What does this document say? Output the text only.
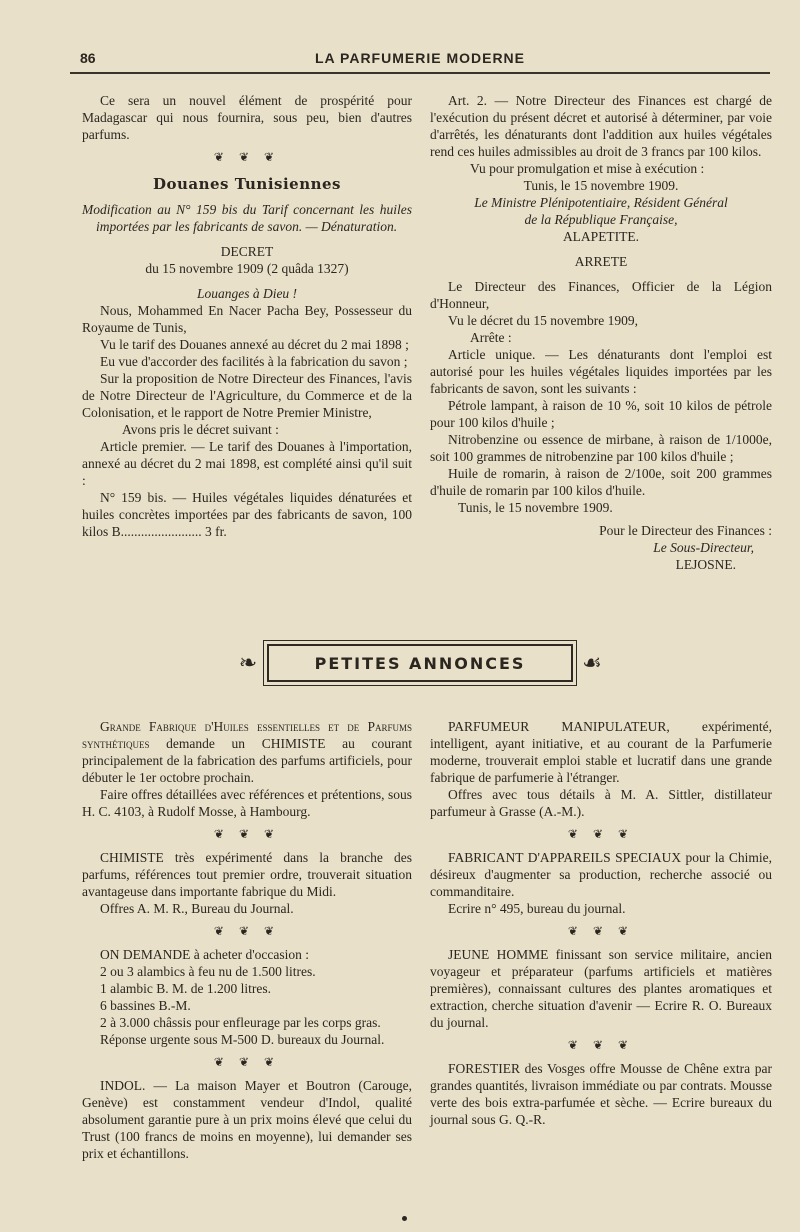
86	LA PARFUMERIE MODERNE

Ce sera un nouvel élément de prospérité pour Madagascar qui nous fournira, sous peu, bien d'autres parfums.

❦ ❦ ❦

Douanes Tunisiennes

Modification au N° 159 bis du Tarif concernant les huiles importées par les fabricants de savon. — Dénaturation.

DECRET

du 15 novembre 1909 (2 quâda 1327)

Louanges à Dieu !

Nous, Mohammed En Nacer Pacha Bey, Possesseur du Royaume de Tunis,

Vu le tarif des Douanes annexé au décret du 2 mai 1898 ;

Eu vue d'accorder des facilités à la fabrication du savon ;

Sur la proposition de Notre Directeur des Finances, l'avis de Notre Directeur de l'Agriculture, du Commerce et de la Colonisation, et le rapport de Notre Premier Ministre,

Avons pris le décret suivant :

Article premier. — Le tarif des Douanes à l'importation, annexé au décret du 2 mai 1898, est complété ainsi qu'il suit :

N° 159 bis. — Huiles végétales liquides dénaturées et huiles concrètes importées par des fabricants de savon, 100 kilos B........................ 3 fr.

Art. 2. — Notre Directeur des Finances est chargé de l'exécution du présent décret et autorisé à déterminer, par voie d'arrêtés, les dénaturants dont l'addition aux huiles végétales rend ces huiles admissibles au droit de 3 francs par 100 kilos.

Vu pour promulgation et mise à exécution :

Tunis, le 15 novembre 1909.

Le Ministre Plénipotentiaire, Résident Général

de la République Française,

ALAPETITE.

ARRETE

Le Directeur des Finances, Officier de la Légion d'Honneur,

Vu le décret du 15 novembre 1909,

Arrête :

Article unique. — Les dénaturants dont l'emploi est autorisé pour les huiles végétales liquides importées par les fabricants de savon, sont les suivants :

Pétrole lampant, à raison de 10 %, soit 10 kilos de pétrole pour 100 kilos d'huile ;

Nitrobenzine ou essence de mirbane, à raison de 1/1000e, soit 100 grammes de nitrobenzine par 100 kilos d'huile ;

Huile de romarin, à raison de 2/100e, soit 200 grammes d'huile de romarin par 100 kilos d'huile.

Tunis, le 15 novembre 1909.

Pour le Directeur des Finances :

Le Sous-Directeur,

LEJOSNE.

❧	PETITES ANNONCES	☙

Grande Fabrique d'Huiles essentielles et de Parfums synthétiques demande un CHIMISTE au courant principalement de la fabrication des parfums artificiels, pour débuter le 1er octobre prochain.

Faire offres détaillées avec références et prétentions, sous H. C. 4103, à Rudolf Mosse, à Hambourg.

❦ ❦ ❦

CHIMISTE très expérimenté dans la branche des parfums, références tout premier ordre, trouverait situation avantageuse dans importante fabrique du Midi.

Offres A. M. R., Bureau du Journal.

❦ ❦ ❦

ON DEMANDE à acheter d'occasion :

2 ou 3 alambics à feu nu de 1.500 litres.

1 alambic B. M. de 1.200 litres.

6 bassines B.-M.

2 à 3.000 châssis pour enfleurage par les corps gras.

Réponse urgente sous M-500 D. bureaux du Journal.

❦ ❦ ❦

INDOL. — La maison Mayer et Boutron (Carouge, Genève) est constamment vendeur d'Indol, qualité absolument garantie pure à un prix moins élevé que celui du Trust (100 francs de moins en moyenne), lui demander ses prix et échantillons.

PARFUMEUR MANIPULATEUR, expérimenté, intelligent, ayant initiative, et au courant de la Parfumerie moderne, trouverait emploi stable et lucratif dans une grande fabrique de parfumerie à l'étranger.

Offres avec tous détails à M. A. Sittler, distillateur parfumeur à Grasse (A.-M.).

❦ ❦ ❦

FABRICANT D'APPAREILS SPECIAUX pour la Chimie, désireux d'augmenter sa production, recherche associé ou commanditaire.

Ecrire n° 495, bureau du journal.

❦ ❦ ❦

JEUNE HOMME finissant son service militaire, ancien voyageur et préparateur (parfums artificiels et matières premières), connaissant cultures des plantes aromatiques et extraction, cherche situation d'avenir — Ecrire R. O. Bureaux du journal.

❦ ❦ ❦

FORESTIER des Vosges offre Mousse de Chêne extra par grandes quantités, livraison immédiate ou par contrats. Mousse verte des bois extra-parfumée et sèche. — Ecrire bureaux du journal sous G. Q.-R.
